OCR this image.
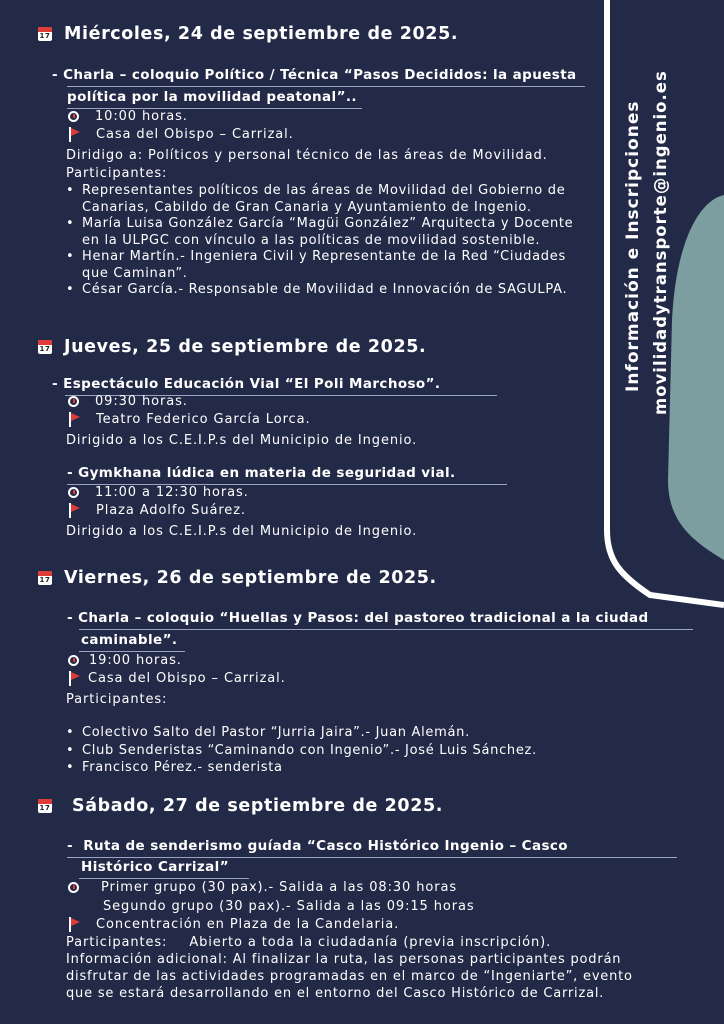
Información e Inscripciones movilidadytransporte@ingenio.es
17 Miércoles, 24 de septiembre de 2025.
- Charla – coloquio Político / Técnica “Pasos Decididos: la apuesta
política por la movilidad peatonal”..
10:00 horas.
Casa del Obispo – Carrizal.
Diridigo a: Políticos y personal técnico de las áreas de Movilidad.
Participantes:
• Representantes políticos de las áreas de Movilidad del Gobierno de Canarias, Cabildo de Gran Canaria y Ayuntamiento de Ingenio.
• María Luisa González García “Magüi González” Arquitecta y Docente en la ULPGC con vínculo a las políticas de movilidad sostenible.
• Henar Martín.- Ingeniera Civil y Representante de la Red “Ciudades que Caminan”.
• César García.- Responsable de Movilidad e Innovación de SAGULPA.
17 Jueves, 25 de septiembre de 2025.
- Espectáculo Educación Vial “El Poli Marchoso”.
09:30 horas.
Teatro Federico García Lorca.
Dirigido a los C.E.I.P.s del Municipio de Ingenio.
- Gymkhana lúdica en materia de seguridad vial.
11:00 a 12:30 horas.
Plaza Adolfo Suárez.
Dirigido a los C.E.I.P.s del Municipio de Ingenio.
17 Viernes, 26 de septiembre de 2025.
- Charla – coloquio “Huellas y Pasos: del pastoreo tradicional a la ciudad
caminable”.
19:00 horas.
Casa del Obispo – Carrizal.
Participantes:
• Colectivo Salto del Pastor “Jurria Jaira”.- Juan Alemán.
• Club Senderistas “Caminando con Ingenio”.- José Luis Sánchez.
• Francisco Pérez.- senderista
17 Sábado, 27 de septiembre de 2025.
-  Ruta de senderismo guíada “Casco Histórico Ingenio – Casco
Histórico Carrizal”
Primer grupo (30 pax).- Salida a las 08:30 horas
Segundo grupo (30 pax).- Salida a las 09:15 horas
Concentración en Plaza de la Candelaria.
Participantes: Abierto a toda la ciudadanía (previa inscripción).
Información adicional: Al finalizar la ruta, las personas participantes podrán
disfrutar de las actividades programadas en el marco de “Ingeniarte”, evento
que se estará desarrollando en el entorno del Casco Histórico de Carrizal.
